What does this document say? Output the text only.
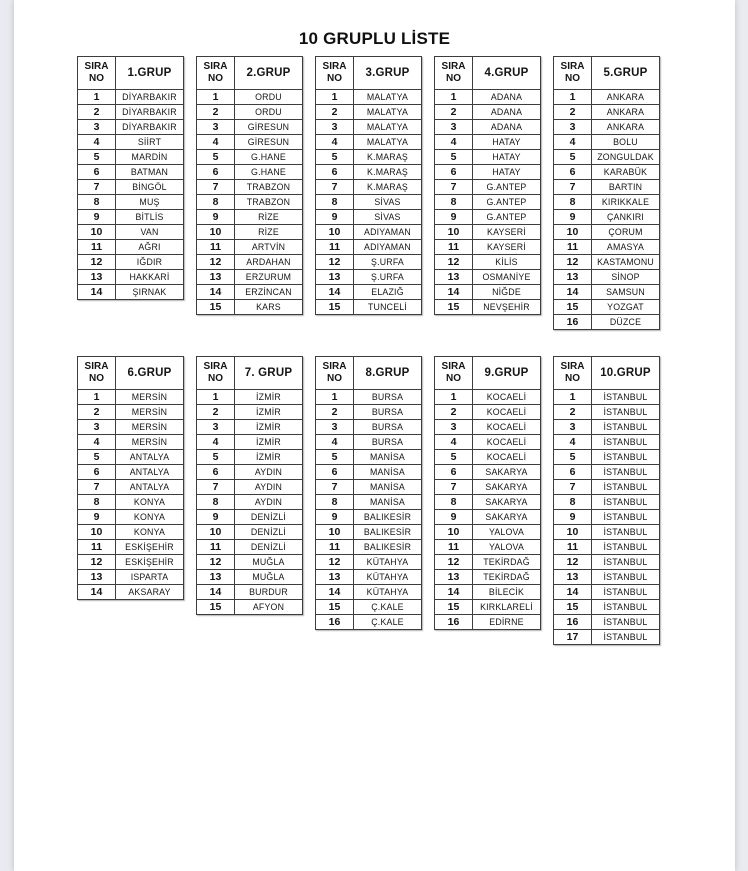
10 GRUPLU LİSTE
SIRA
NO	1.GRUP
1	DİYARBAKIR
2	DİYARBAKIR
3	DİYARBAKIR
4	SİİRT
5	MARDİN
6	BATMAN
7	BİNGÖL
8	MUŞ
9	BİTLİS
10	VAN
11	AĞRI
12	IĞDIR
13	HAKKARİ
14	ŞIRNAK
SIRA
NO	2.GRUP
1	ORDU
2	ORDU
3	GİRESUN
4	GİRESUN
5	G.HANE
6	G.HANE
7	TRABZON
8	TRABZON
9	RİZE
10	RİZE
11	ARTVİN
12	ARDAHAN
13	ERZURUM
14	ERZİNCAN
15	KARS
SIRA
NO	3.GRUP
1	MALATYA
2	MALATYA
3	MALATYA
4	MALATYA
5	K.MARAŞ
6	K.MARAŞ
7	K.MARAŞ
8	SİVAS
9	SİVAS
10	ADIYAMAN
11	ADIYAMAN
12	Ş.URFA
13	Ş.URFA
14	ELAZIĞ
15	TUNCELİ
SIRA
NO	4.GRUP
1	ADANA
2	ADANA
3	ADANA
4	HATAY
5	HATAY
6	HATAY
7	G.ANTEP
8	G.ANTEP
9	G.ANTEP
10	KAYSERİ
11	KAYSERİ
12	KİLİS
13	OSMANİYE
14	NİĞDE
15	NEVŞEHİR
SIRA
NO	5.GRUP
1	ANKARA
2	ANKARA
3	ANKARA
4	BOLU
5	ZONGULDAK
6	KARABÜK
7	BARTIN
8	KIRIKKALE
9	ÇANKIRI
10	ÇORUM
11	AMASYA
12	KASTAMONU
13	SİNOP
14	SAMSUN
15	YOZGAT
16	DÜZCE
SIRA
NO	6.GRUP
1	MERSİN
2	MERSİN
3	MERSİN
4	MERSİN
5	ANTALYA
6	ANTALYA
7	ANTALYA
8	KONYA
9	KONYA
10	KONYA
11	ESKİŞEHİR
12	ESKİŞEHİR
13	ISPARTA
14	AKSARAY
SIRA
NO	7. GRUP
1	İZMİR
2	İZMİR
3	İZMİR
4	İZMİR
5	İZMİR
6	AYDIN
7	AYDIN
8	AYDIN
9	DENİZLİ
10	DENİZLİ
11	DENİZLİ
12	MUĞLA
13	MUĞLA
14	BURDUR
15	AFYON
SIRA
NO	8.GRUP
1	BURSA
2	BURSA
3	BURSA
4	BURSA
5	MANİSA
6	MANİSA
7	MANİSA
8	MANİSA
9	BALIKESİR
10	BALIKESİR
11	BALIKESİR
12	KÜTAHYA
13	KÜTAHYA
14	KÜTAHYA
15	Ç.KALE
16	Ç.KALE
SIRA
NO	9.GRUP
1	KOCAELİ
2	KOCAELİ
3	KOCAELİ
4	KOCAELİ
5	KOCAELİ
6	SAKARYA
7	SAKARYA
8	SAKARYA
9	SAKARYA
10	YALOVA
11	YALOVA
12	TEKİRDAĞ
13	TEKİRDAĞ
14	BİLECİK
15	KIRKLARELİ
16	EDİRNE
SIRA
NO	10.GRUP
1	İSTANBUL
2	İSTANBUL
3	İSTANBUL
4	İSTANBUL
5	İSTANBUL
6	İSTANBUL
7	İSTANBUL
8	İSTANBUL
9	İSTANBUL
10	İSTANBUL
11	İSTANBUL
12	İSTANBUL
13	İSTANBUL
14	İSTANBUL
15	İSTANBUL
16	İSTANBUL
17	İSTANBUL
